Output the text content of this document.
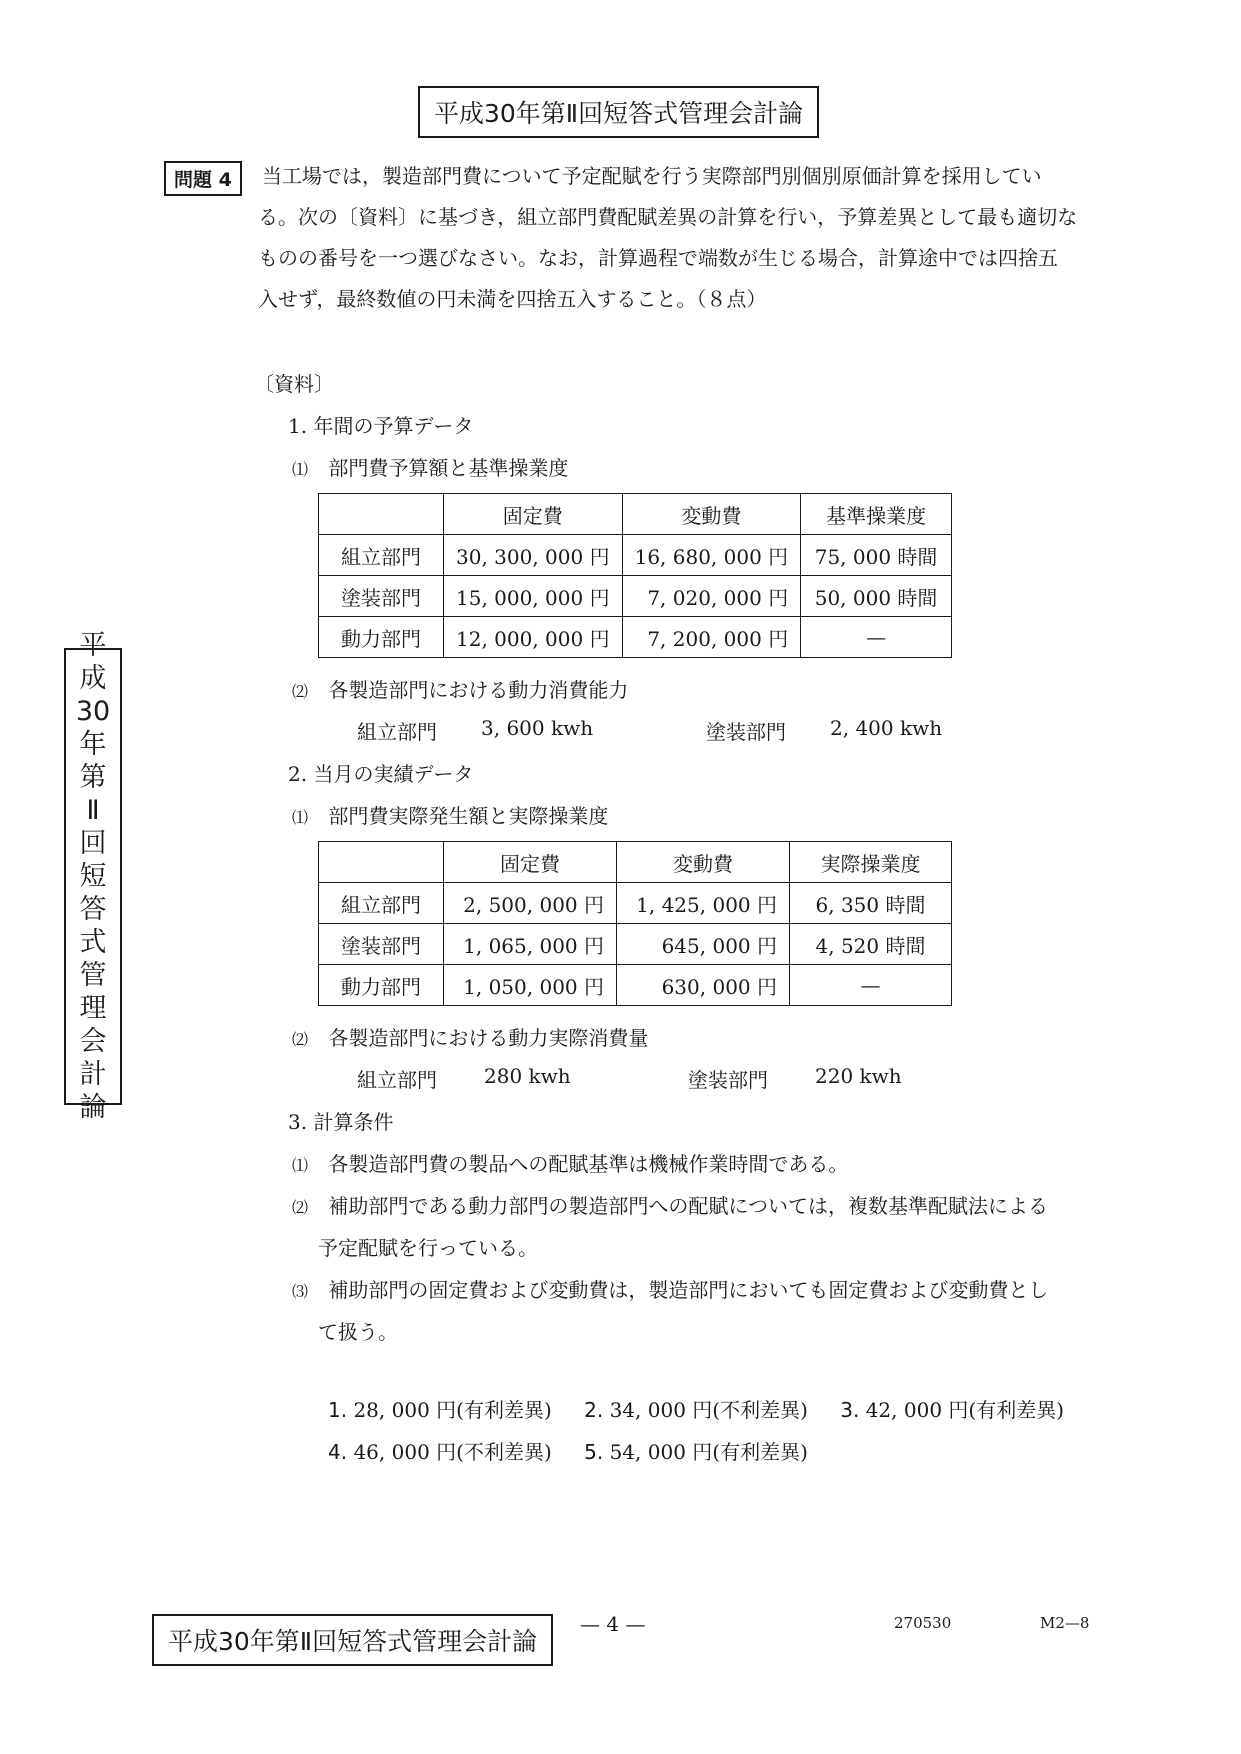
平成30年第Ⅱ回短答式管理会計論
問題 4	当工場では，製造部門費について予定配賦を行う実際部門別個別原価計算を採用してい
る。次の〔資料〕に基づき，組立部門費配賦差異の計算を行い，予算差異として最も適切な
ものの番号を一つ選びなさい。なお，計算過程で端数が生じる場合，計算途中では四捨五
入せず，最終数値の円未満を四捨五入すること。（８点）
〔資料〕
1. 年間の予算データ
⑴ 部門費予算額と基準操業度
	固定費	変動費	基準操業度
組立部門	30, 300, 000 円	16, 680, 000 円	75, 000 時間
塗装部門	15, 000, 000 円	7, 020, 000 円	50, 000 時間
動力部門	12, 000, 000 円	7, 200, 000 円	—
⑵ 各製造部門における動力消費能力
組立部門 3, 600 kwh	塗装部門 2, 400 kwh
2. 当月の実績データ
⑴ 部門費実際発生額と実際操業度
	固定費	変動費	実際操業度
組立部門	2, 500, 000 円	1, 425, 000 円	6, 350 時間
塗装部門	1, 065, 000 円	645, 000 円	4, 520 時間
動力部門	1, 050, 000 円	630, 000 円	—
⑵ 各製造部門における動力実際消費量
組立部門 280 kwh	塗装部門 220 kwh
3. 計算条件
⑴ 各製造部門費の製品への配賦基準は機械作業時間である。
⑵ 補助部門である動力部門の製造部門への配賦については，複数基準配賦法による
予定配賦を行っている。
⑶ 補助部門の固定費および変動費は，製造部門においても固定費および変動費とし
て扱う。
1. 28, 000 円(有利差異) 2. 34, 000 円(不利差異) 3. 42, 000 円(有利差異)
4. 46, 000 円(不利差異) 5. 54, 000 円(有利差異)
平
成
30
年
第
Ⅱ
回
短
答
式
管
理
会
計
論
平成30年第Ⅱ回短答式管理会計論
— 4 —	270530	M2—8
